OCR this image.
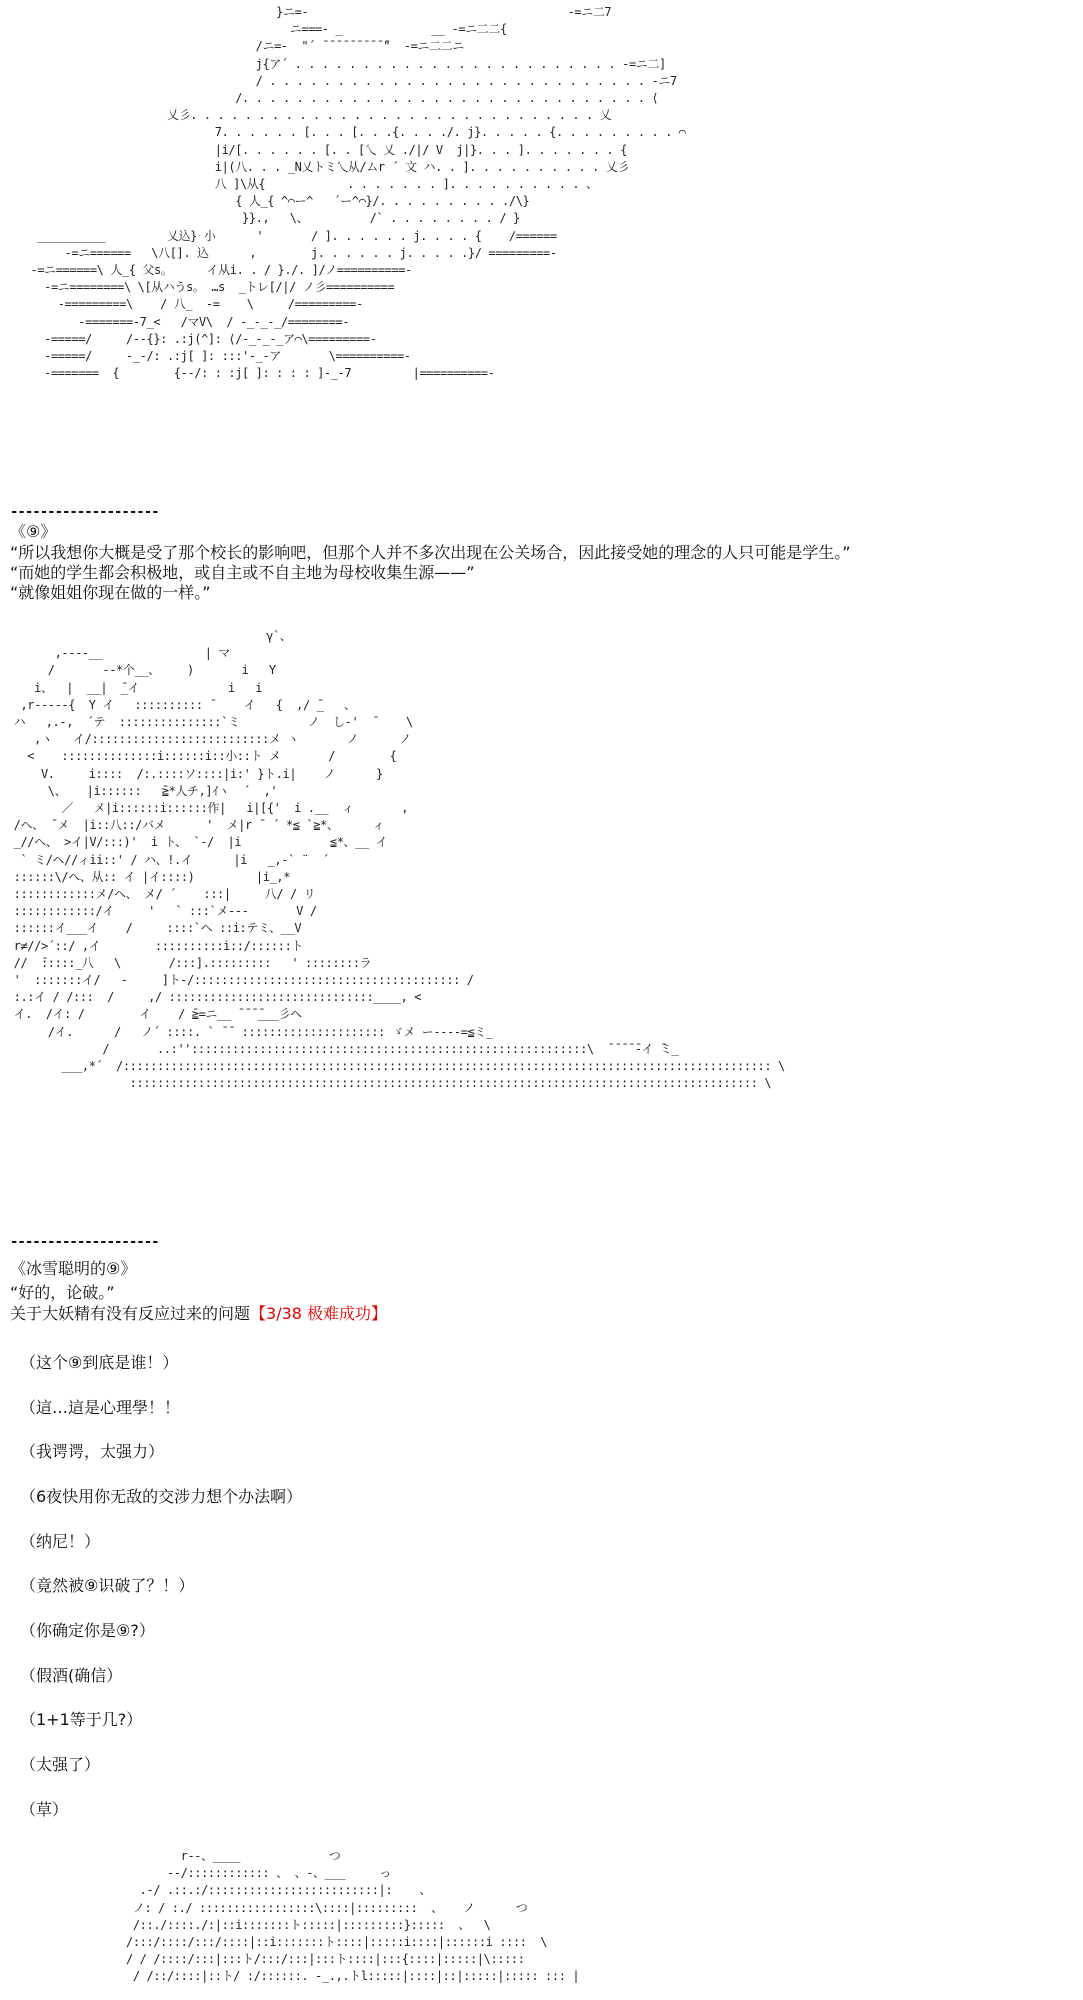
}ニ=-                                      -=ニ二7
ニ===- _             __ -=ニ二二{
/ニ=-  "´ ̄ ̄ ̄ ̄ ̄ ̄ ̄ ̄ ̄ ̄"  -=ニ二二ニ
j{ア´ . . . . . . . . . . . . . . . . . . . . . . . . -=ニ二]
/ . . . . . . . . . . . . . . . . . . . . . . . . . . . . -ニ7
/. . . . . . . . . . . . . . . . . . . . . . . . . . . . . . ⟨
乂彡. . . . . . . . . . . . . . . . . . . . . . . . . . . . . . 乂
7. . . . . . [. . . [. . .{. . . ./. j}. . . . . {. . . . . . . . . ⌒
|i/[. . . . . . [. . [乀 乂 ./|/ V  j|}. . . ]. . . . . . . {
i|(八. . . _N乂トミ乀从/ムr ´ 文 ハ. . ]. . . . . . . . . . 乂彡
八 ]\从{            . . . . . . . ]. . . . . . . . . . 、
{ 人_{ ^⌒ー^   ´ー^⌒}/. . . . . . . . . ./\}
}}.,   \、         /` . . . . . . . . / }
__________         乂込} 小      '       ∕ ]. . . . . . j. . . . {    ∕======
-=ニ======   \八[]. 込      ,        j. . . . . . j. . . . .}/ =========-
-=ニ======\ 人_{ 父s。     イ从i. . / }./. ]/ノ==========-
-=ニ========\ \[从ハうs。 …s  _トレ[/|/ ノ彡==========
-=========\    / 八_  -=    \     /=========-
-=======-7_<   /マV\  / -_-_-_/========-
-=====/     /--{}: .:j(^]: ⟨/-_-_-_ア⌒\=========-
-=====/     -_-/: .:j[ ]: :::'-_-ア       \==========-
-=======  {        {--/: : :j[ ]: : : : ]-_-7         |==========-
‐‐‐‐‐‐‐‐‐‐‐‐‐‐‐‐‐‐‐‐
《⑨》
“所以我想你大概是受了那个校长的影响吧，但那个人并不多次出现在公关场合，因此接受她的理念的人只可能是学生。”
“而她的学生都会积极地，或自主或不自主地为母校收集生源——”
“就像姐姐你现在做的一样。”
γ`、
,----__               | マ
/       --*个__、    )       i   Y
i、  |  __|  ̄_イ             i   i
,r-----{  Y イ   :::::::::: ̄     イ   {  ,/ ̄_   、
ハ   ,.-,  ´テ  :::::::::::::::`ミ          ノ  し-'  ̄     \
,ヽ   イ/::::::::::::::::::::::::::メ ヽ       ノ      ノ
<    ::::::::::::::i::::::i::小::ト メ       /        {
V.     i::::  /:.::::ソ::::|i:' }ト.i|    ノ      }
\、   |i::::::   ̄≧*人チ,]ｲヽ  ´  ,'
／   メ|i::::::i::::::作|   i|[{'  i .__  ィ       ,
/ヘ、 ̄ メ  |i::八::/バメ      '  メ|r ̄  ´ *≦ `≧*、     ィ
_//ヘ、 >イ|V/:::)'  i ト、 `-/  |i             ≦*、__ イ
` ミ/ヘ//ィii::' / ハ、!.イ      |i   _,-` ¨  ´
::::::\/ヘ、从:: イ |イ::::)         |i_,*
::::::::::::メ/ヘ、 メ/ ´    :::|     八/ / リ
::::::::::::/イ     '   ` :::`メ---       V /
::::::イ___イ    /     ::::`ヘ ::i:テミ、__V
r≠//>´::/ ,イ        ::::::::::i::/::::::ト
//  ̄:::::_八   \       /:::].:::::::::   ' ::::::::ラ
'  :::::::イ/   -     ]ト-/::::::::::::::::::::::::::::::::::::::: /
:.:イ / /:::  /     ,/ ::::::::::::::::::::::::::::::____, <
イ.  /イ: /        イ    / ̄≧=ニ__ ̄ ̄ ̄ ̄___彡ヘ
/イ.      /   ノ´ ::::. ` ̄ ̄  ::::::::::::::::::::: ゞメ ー----=≦ミ_
/       ..:''::::::::::::::::::::::::::::::::::::::::::::::::::::::::::\  ̄ ̄ ̄ ̄ ̄-イ ̄ミ_
___,*´  /::::::::::::::::::::::::::::::::::::::::::::::::::::::::::::::::::::::::::::::::::::::::::::::: \
:::::::::::::::::::::::::::::::::::::::::::::::::::::::::::::::::::::::::::::::::::::::::::: \
‐‐‐‐‐‐‐‐‐‐‐‐‐‐‐‐‐‐‐‐
《冰雪聪明的⑨》
“好的，论破。”
关于大妖精有没有反应过来的问题【3/38 极难成功】
（这个⑨到底是谁！）
（這…這是心理學！！
（我谔谔，太强力）
（6夜快用你无敌的交涉力想个办法啊）
（纳尼！）
（竟然被⑨识破了？！）
（你确定你是⑨?）
（假酒(确信）
（1+1等于几?）
（太强了）
（草）
r--、____             つ
--/:::::::::::: 、 、-、___     っ
.-/ .::.:/:::::::::::::::::::::::::|:    、
ノ: / :./ :::::::::::::::::\::::|:::::::::  、   ノ      つ
/::./::::./:|::i:::::::ト:::::|:::::::::}:::::  、  \
/:::/::::/:::/::::|::i:::::::ト::::|:::::i::::|::::::i ::::  \
/ / /::::/:::|:::ト/:::/:::|:::ト::::|:::{::::|:::::|\:::::
/ /::/::::|::ト/ :/::::::. -_.,.トl:::::|::::|::|:::::|::::: ::: |
